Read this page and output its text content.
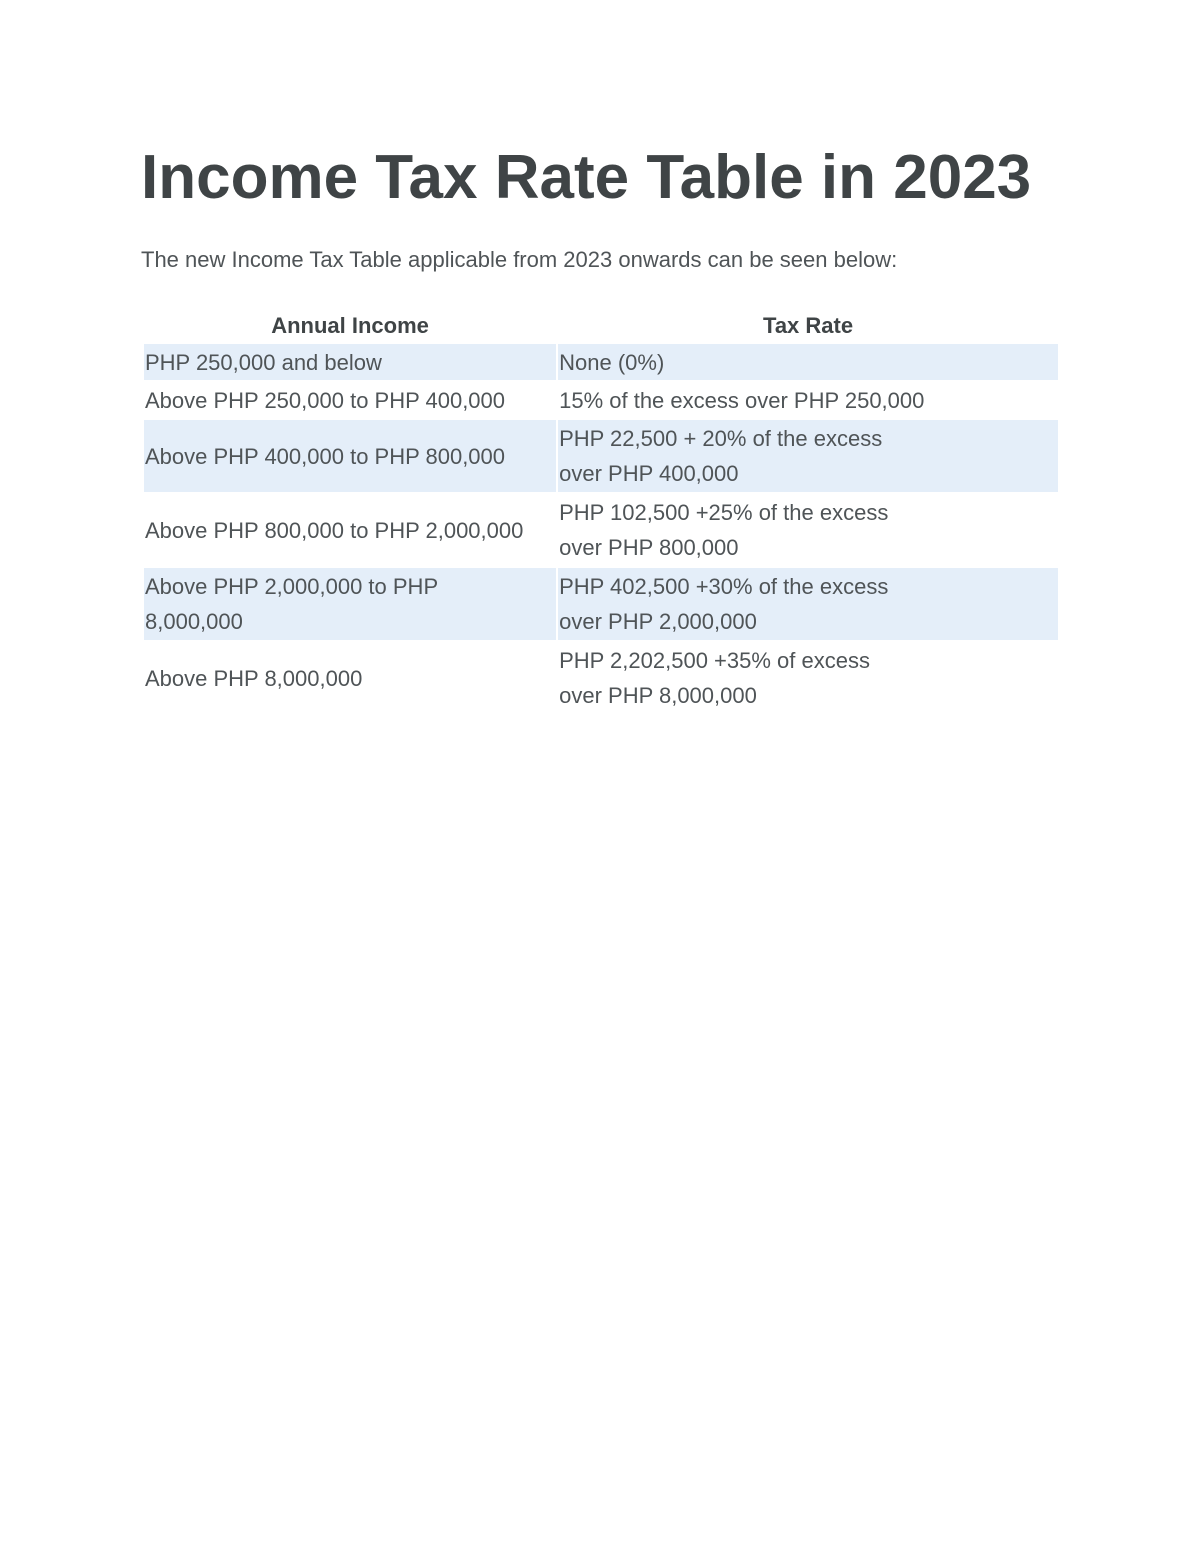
Income Tax Rate Table in 2023

The new Income Tax Table applicable from 2023 onwards can be seen below:

Annual Income	Tax Rate

PHP 250,000 and below	None (0%)

Above PHP 250,000 to PHP 400,000	15% of the excess over PHP 250,000

Above PHP 400,000 to PHP 800,000	PHP 22,500 + 20% of the excess
over PHP 400,000

Above PHP 800,000 to PHP 2,000,000	PHP 102,500 +25% of the excess
over PHP 800,000

Above PHP 2,000,000 to PHP
8,000,000	PHP 402,500 +30% of the excess
over PHP 2,000,000

Above PHP 8,000,000	PHP 2,202,500 +35% of excess
over PHP 8,000,000
